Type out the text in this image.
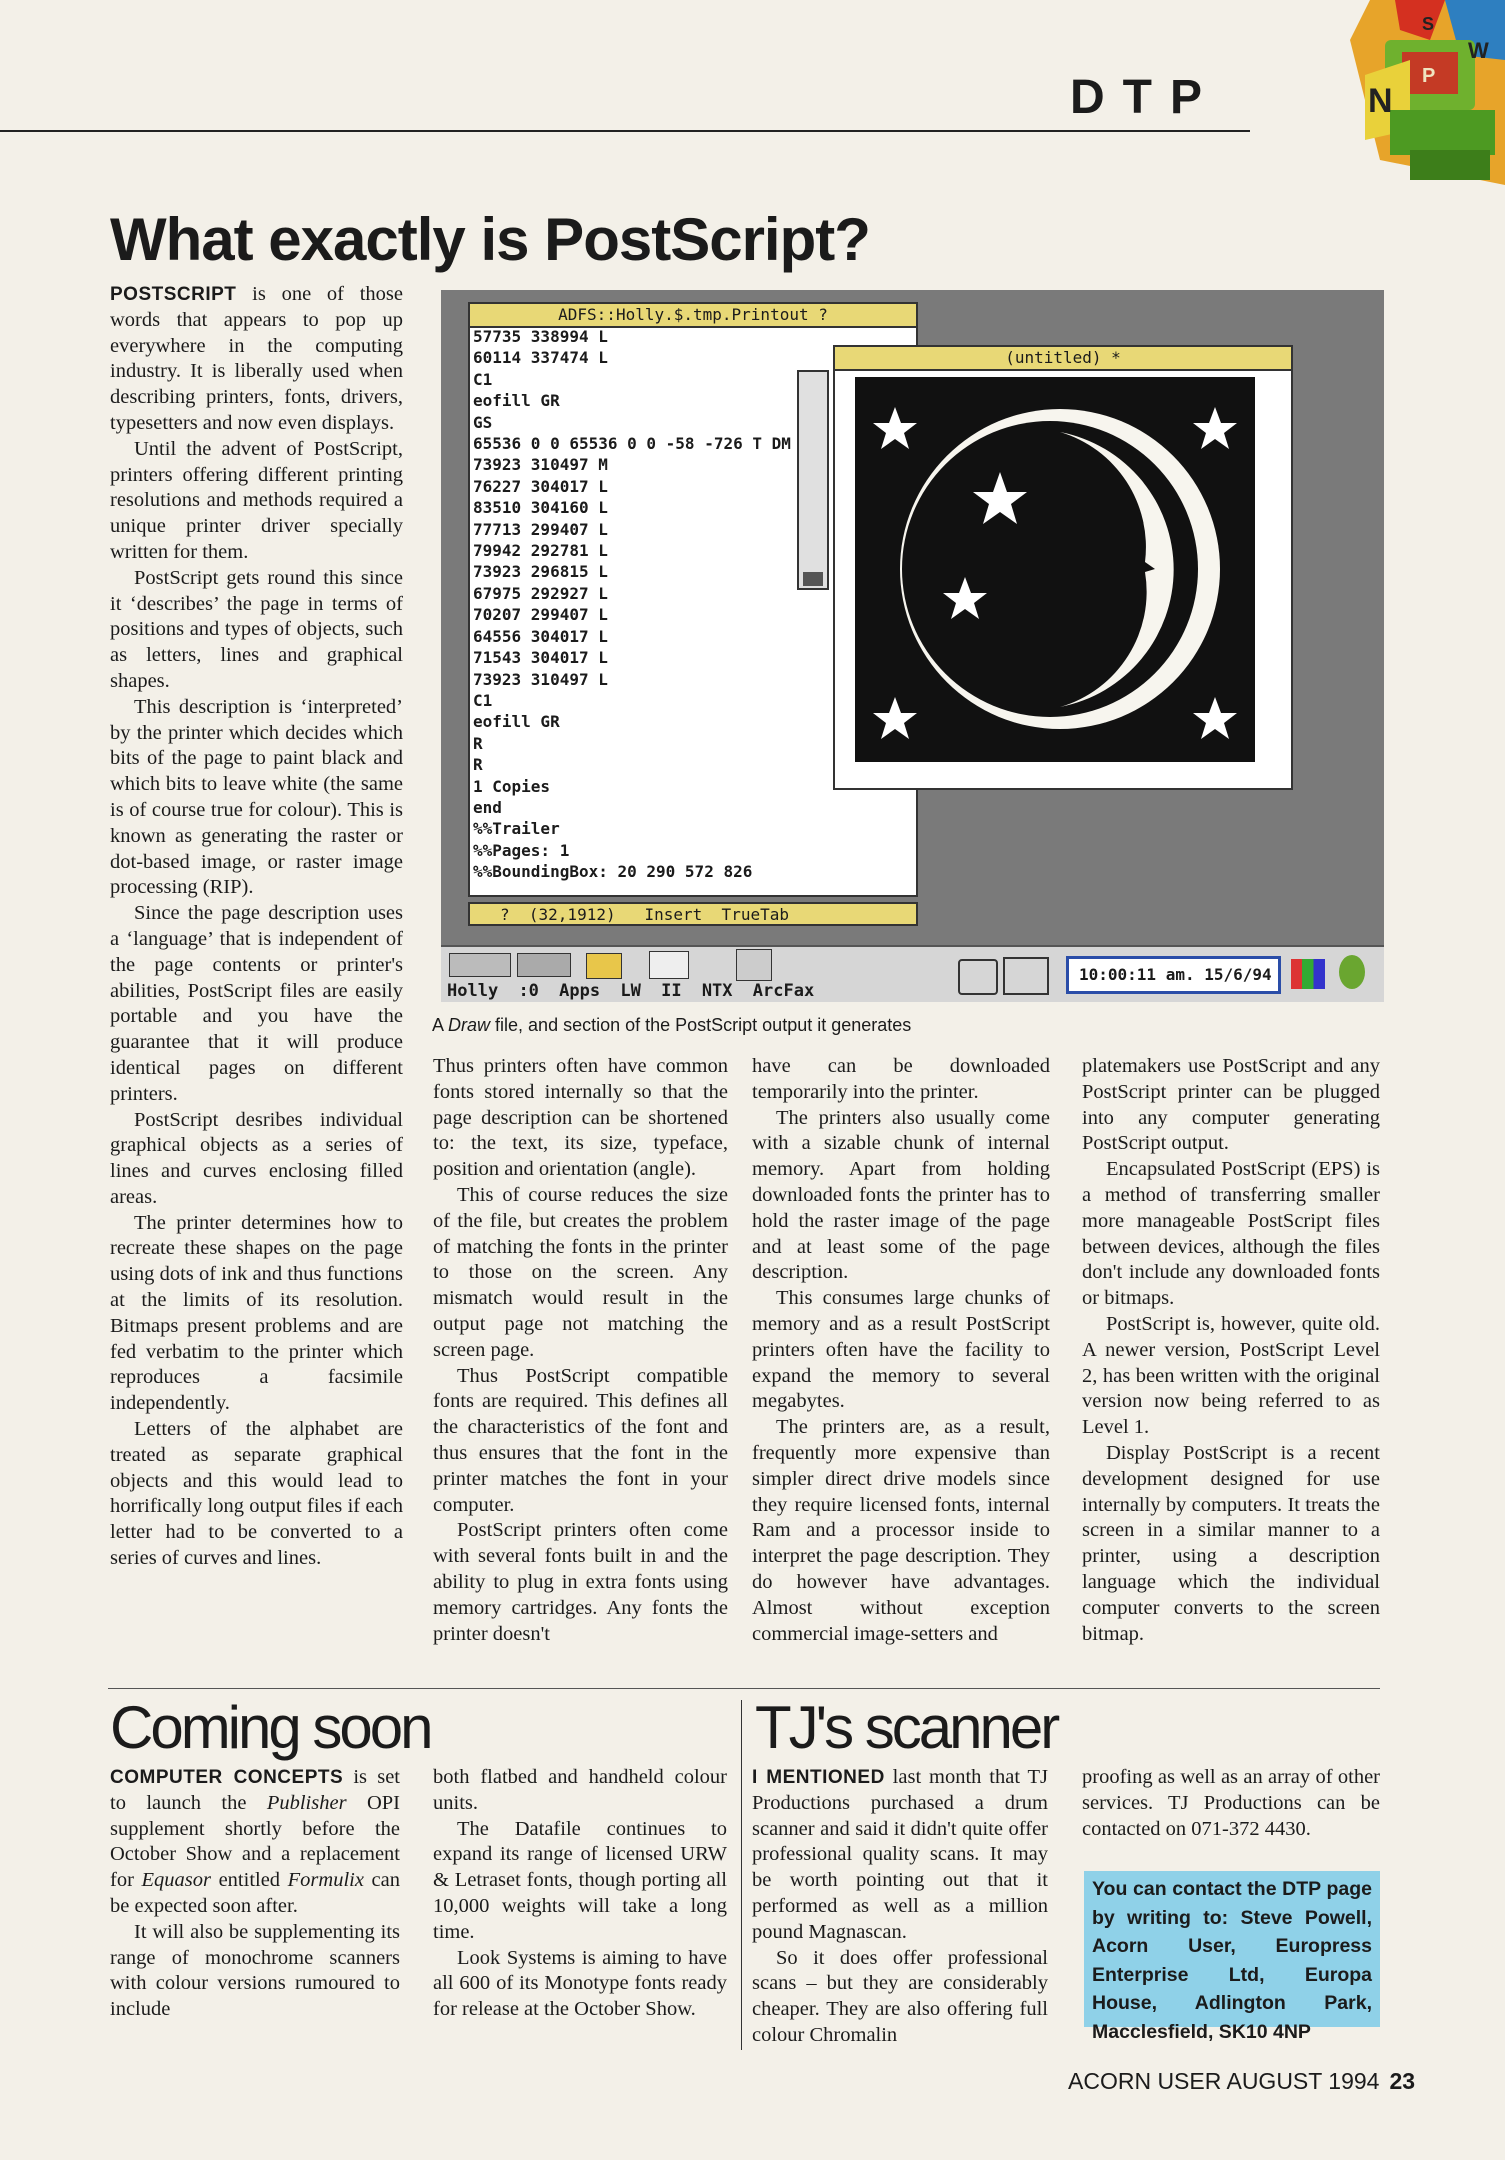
DTP	N
S
W
P
What exactly is PostScript?

POSTSCRIPT is one of those words that appears to pop up everywhere in the computing industry. It is liberally used when describing printers, fonts, drivers, typesetters and now even displays.

Until the advent of PostScript, printers offering different printing resolutions and methods required a unique printer driver specially written for them.

PostScript gets round this since it ‘describes’ the page in terms of positions and types of objects, such as letters, lines and graphical shapes.

This description is ‘interpreted’ by the printer which decides which bits of the page to paint black and which bits to leave white (the same is of course true for colour). This is known as generating the raster or dot-based image, or raster image processing (RIP).

Since the page description uses a ‘language’ that is independent of the page contents or printer's abilities, PostScript files are easily portable and you have the guarantee that it will produce identical pages on different printers.

PostScript desribes individual graphical objects as a series of lines and curves enclosing filled areas.

The printer determines how to recreate these shapes on the page using dots of ink and thus functions at the limits of its resolution. Bitmaps present problems and are fed verbatim to the printer which reproduces a facsimile independently.

Letters of the alphabet are treated as separate graphical objects and this would lead to horrifically long output files if each letter had to be converted to a series of curves and lines.

ADFS::Holly.$.tmp.Printout ?
57735 338994 L
60114 337474 L
C1
eofill GR
GS
65536 0 0 65536 0 0 -58 -726 T DM
73923 310497 M
76227 304017 L
83510 304160 L
77713 299407 L
79942 292781 L
73923 296815 L
67975 292927 L
70207 299407 L
64556 304017 L
71543 304017 L
73923 310497 L
C1
eofill GR
R
R
1 Copies
end
%%Trailer
%%Pages: 1
%%BoundingBox: 20 290 572 826
?  (32,1912)   Insert  TrueTab
(untitled) *
Holly :0 Apps LW II NTX ArcFax
10:00:11 am. 15/6/94
A Draw file, and section of the PostScript output it generates

Thus printers often have common fonts stored internally so that the page description can be shortened to: the text, its size, typeface, position and orientation (angle).

This of course reduces the size of the file, but creates the problem of matching the fonts in the printer to those on the screen. Any mismatch would result in the output page not matching the screen page.

Thus PostScript compatible fonts are required. This defines all the characteristics of the font and thus ensures that the font in the printer matches the font in your computer.

PostScript printers often come with several fonts built in and the ability to plug in extra fonts using memory cartridges. Any fonts the printer doesn't

have can be downloaded temporarily into the printer.

The printers also usually come with a sizable chunk of internal memory. Apart from holding downloaded fonts the printer has to hold the raster image of the page and at least some of the page description.

This consumes large chunks of memory and as a result PostScript printers often have the facility to expand the memory to several megabytes.

The printers are, as a result, frequently more expensive than simpler direct drive models since they require licensed fonts, internal Ram and a processor inside to interpret the page description. They do however have advantages. Almost without exception commercial image-setters and

platemakers use PostScript and any PostScript printer can be plugged into any computer generating PostScript output.

Encapsulated PostScript (EPS) is a method of transferring smaller more manageable PostScript files between devices, although the files don't include any downloaded fonts or bitmaps.

PostScript is, however, quite old. A newer version, PostScript Level 2, has been written with the original version now being referred to as Level 1.

Display PostScript is a recent development designed for use internally by computers. It treats the screen in a similar manner to a printer, using a description language which the individual computer converts to the screen bitmap.

Coming soon

COMPUTER CONCEPTS is set to launch the Publisher OPI supplement shortly before the October Show and a replacement for Equasor entitled Formulix can be expected soon after.

It will also be supplementing its range of monochrome scanners with colour versions rumoured to include

both flatbed and handheld colour units.

The Datafile continues to expand its range of licensed URW & Letraset fonts, though porting all 10,000 weights will take a long time.

Look Systems is aiming to have all 600 of its Monotype fonts ready for release at the October Show.

TJ's scanner

I MENTIONED last month that TJ Productions purchased a drum scanner and said it didn't quite offer professional quality scans. It may be worth pointing out that it performed as well as a million pound Magnascan.

So it does offer professional scans – but they are considerably cheaper. They are also offering full colour Chromalin

proofing as well as an array of other services. TJ Productions can be contacted on 071-372 4430.

You can contact the DTP page by writing to: Steve Powell, Acorn User, Europress Enterprise Ltd, Europa House, Adlington Park, Macclesfield, SK10 4NP
ACORN USER AUGUST 1994 23
